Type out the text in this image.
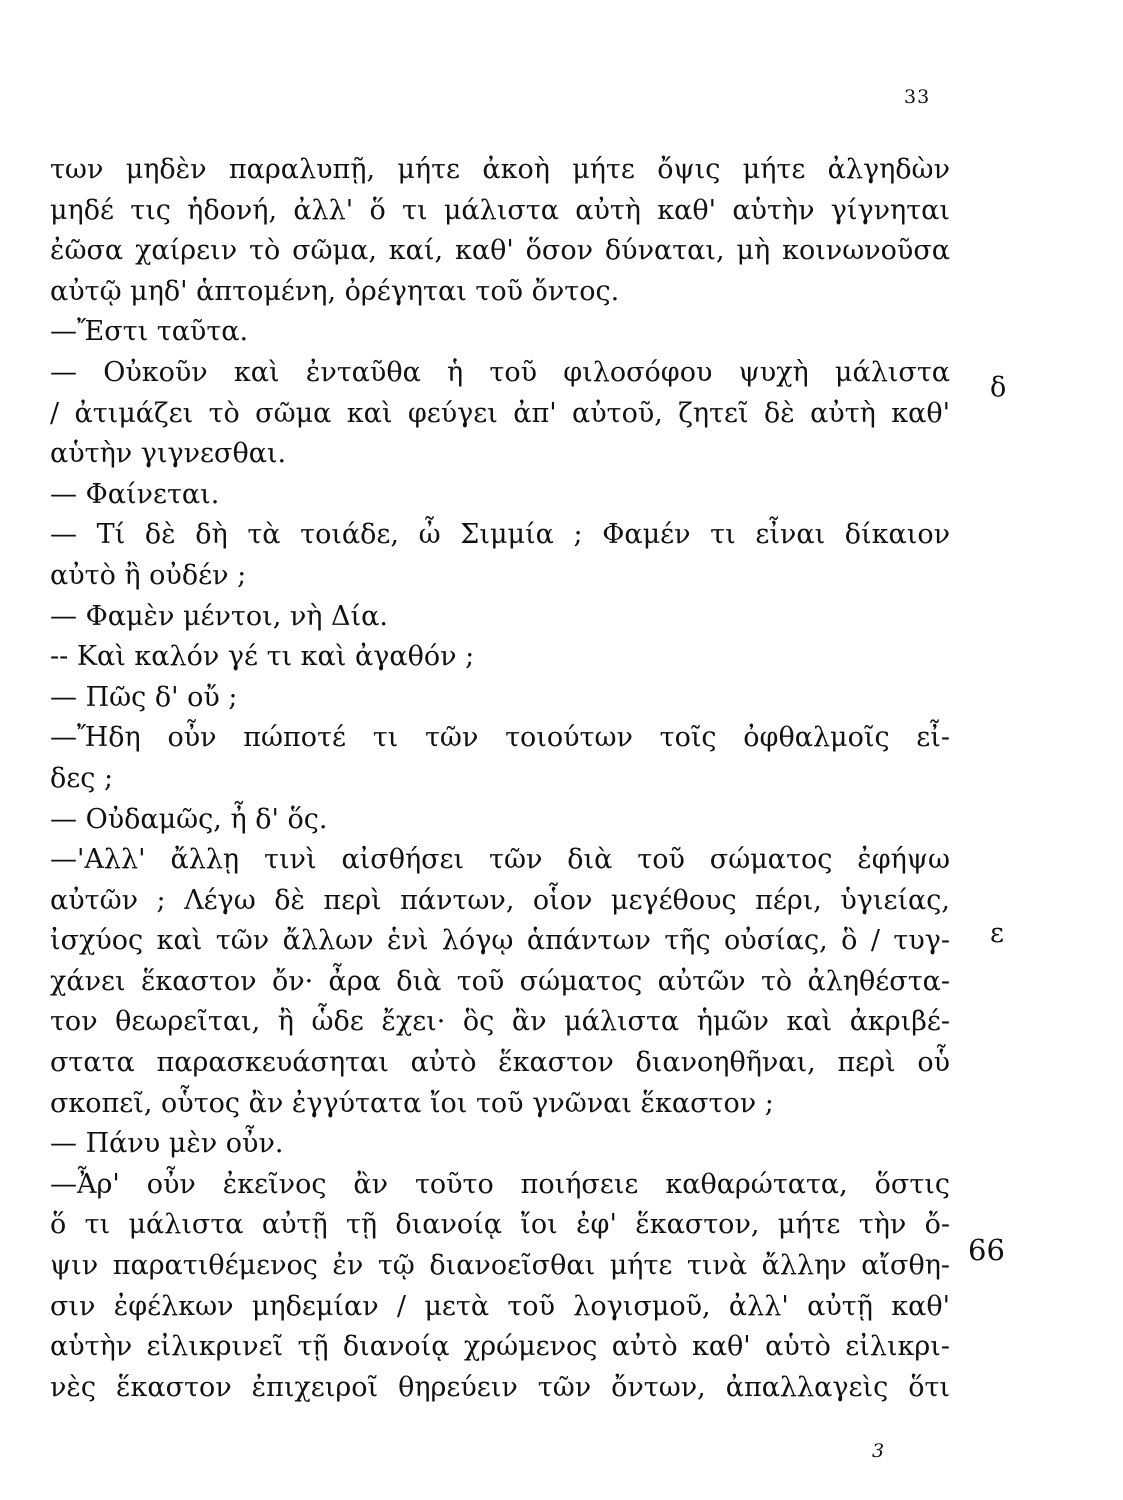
33
των μηδὲν παραλυπῇ, μήτε ἀκοὴ μήτε ὄψις μήτε ἀλγηδὼν
μηδέ τις ἡδονή, ἀλλ' ὅ τι μάλιστα αὐτὴ καθ' αὑτὴν γίγνηται
ἐῶσα χαίρειν τὸ σῶμα, καί, καθ' ὅσον δύναται, μὴ κοινωνοῦσα
αὐτῷ μηδ' ἁπτομένη, ὀρέγηται τοῦ ὄντος.
—Ἔστι ταῦτα.
— Οὐκοῦν καὶ ἐνταῦθα ἡ τοῦ φιλοσόφου ψυχὴ μάλιστα
/ ἀτιμάζει τὸ σῶμα καὶ φεύγει ἀπ' αὐτοῦ, ζητεῖ δὲ αὐτὴ καθ'
αὑτὴν γιγνεσθαι.
— Φαίνεται.
— Τί δὲ δὴ τὰ τοιάδε, ὦ Σιμμία ; Φαμέν τι εἶναι δίκαιον
αὐτὸ ἢ οὐδέν ;
— Φαμὲν μέντοι, νὴ Δία.
-- Καὶ καλόν γέ τι καὶ ἀγαθόν ;
— Πῶς δ' οὔ ;
—Ἤδη οὖν πώποτέ τι τῶν τοιούτων τοῖς ὀφθαλμοῖς εἶ-
δες ;
— Οὐδαμῶς, ἦ δ' ὅς.
—'Αλλ' ἄλλῃ τινὶ αἰσθήσει τῶν διὰ τοῦ σώματος ἐφήψω
αὐτῶν ; Λέγω δὲ περὶ πάντων, οἷον μεγέθους πέρι, ὑγιείας,
ἰσχύος καὶ τῶν ἄλλων ἑνὶ λόγῳ ἁπάντων τῆς οὐσίας, ὃ / τυγ-
χάνει ἕκαστον ὄν· ἆρα διὰ τοῦ σώματος αὐτῶν τὸ ἀληθέστα-
τον θεωρεῖται, ἢ ὧδε ἔχει· ὃς ἂν μάλιστα ἡμῶν καὶ ἀκριβέ-
στατα παρασκευάσηται αὐτὸ ἕκαστον διανοηθῆναι, περὶ οὗ
σκοπεῖ, οὗτος ἂν ἐγγύτατα ἴοι τοῦ γνῶναι ἕκαστον ;
— Πάνυ μὲν οὖν.
—Ἆρ' οὖν ἐκεῖνος ἂν τοῦτο ποιήσειε καθαρώτατα, ὅστις
ὅ τι μάλιστα αὐτῇ τῇ διανοίᾳ ἴοι ἐφ' ἕκαστον, μήτε τὴν ὄ-
ψιν παρατιθέμενος ἐν τῷ διανοεῖσθαι μήτε τινὰ ἄλλην αἴσθη-
σιν ἐφέλκων μηδεμίαν / μετὰ τοῦ λογισμοῦ, ἀλλ' αὐτῇ καθ'
αὑτὴν εἰλικρινεῖ τῇ διανοίᾳ χρώμενος αὐτὸ καθ' αὑτὸ εἰλικρι-
νὲς ἕκαστον ἐπιχειροῖ θηρεύειν τῶν ὄντων, ἀπαλλαγεὶς ὅτι
δ
ε
66
3
